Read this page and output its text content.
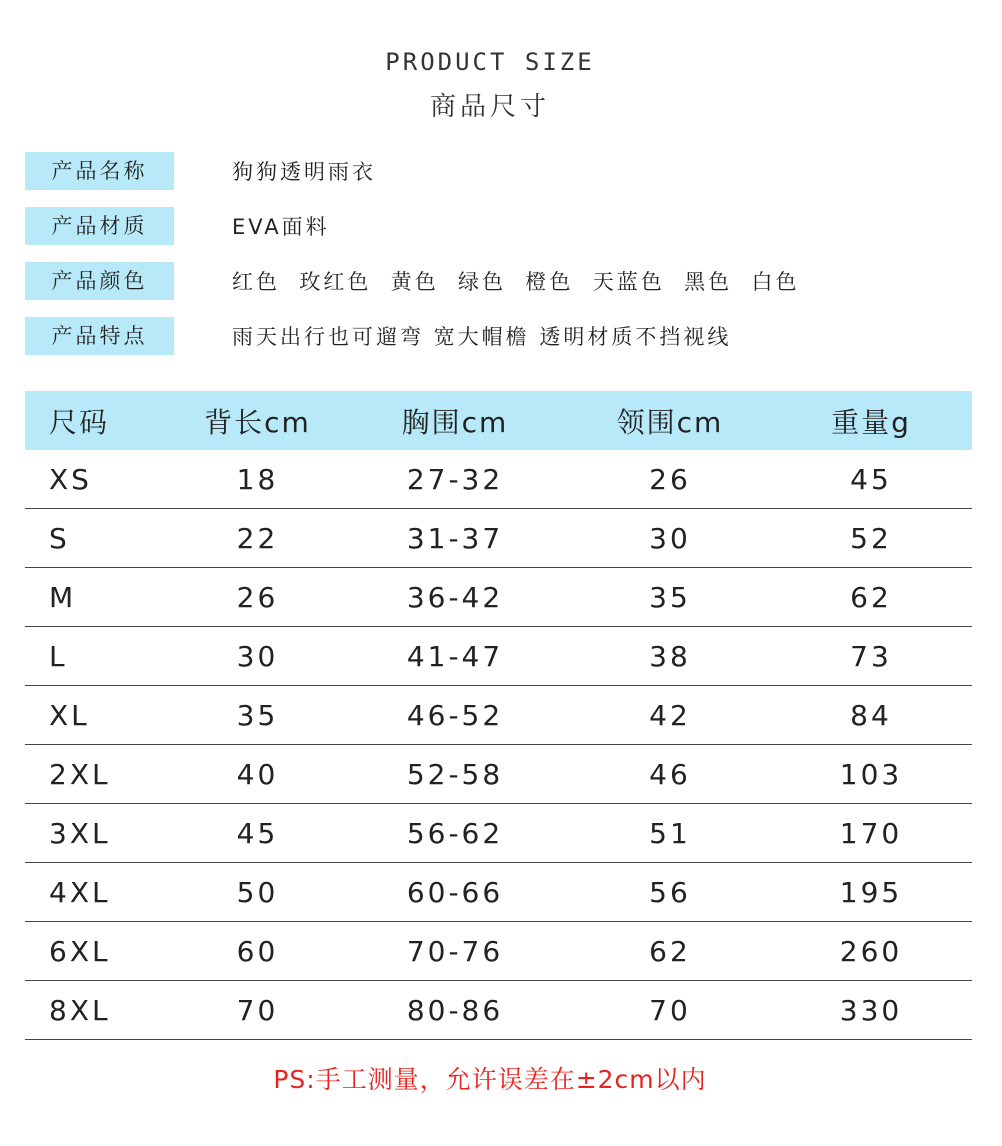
PRODUCT SIZE
商品尺寸
产品名称	狗狗透明雨衣
产品材质	EVA面料
产品颜色	红色  玫红色  黄色  绿色  橙色  天蓝色  黑色  白色
产品特点	雨天出行也可遛弯 宽大帽檐 透明材质不挡视线
尺码	背长cm	胸围cm	领围cm	重量g
XS	18	27-32	26	45
S	22	31-37	30	52
M	26	36-42	35	62
L	30	41-47	38	73
XL	35	46-52	42	84
2XL	40	52-58	46	103
3XL	45	56-62	51	170
4XL	50	60-66	56	195
6XL	60	70-76	62	260
8XL	70	80-86	70	330
PS:手工测量，允许误差在±2cm以内
